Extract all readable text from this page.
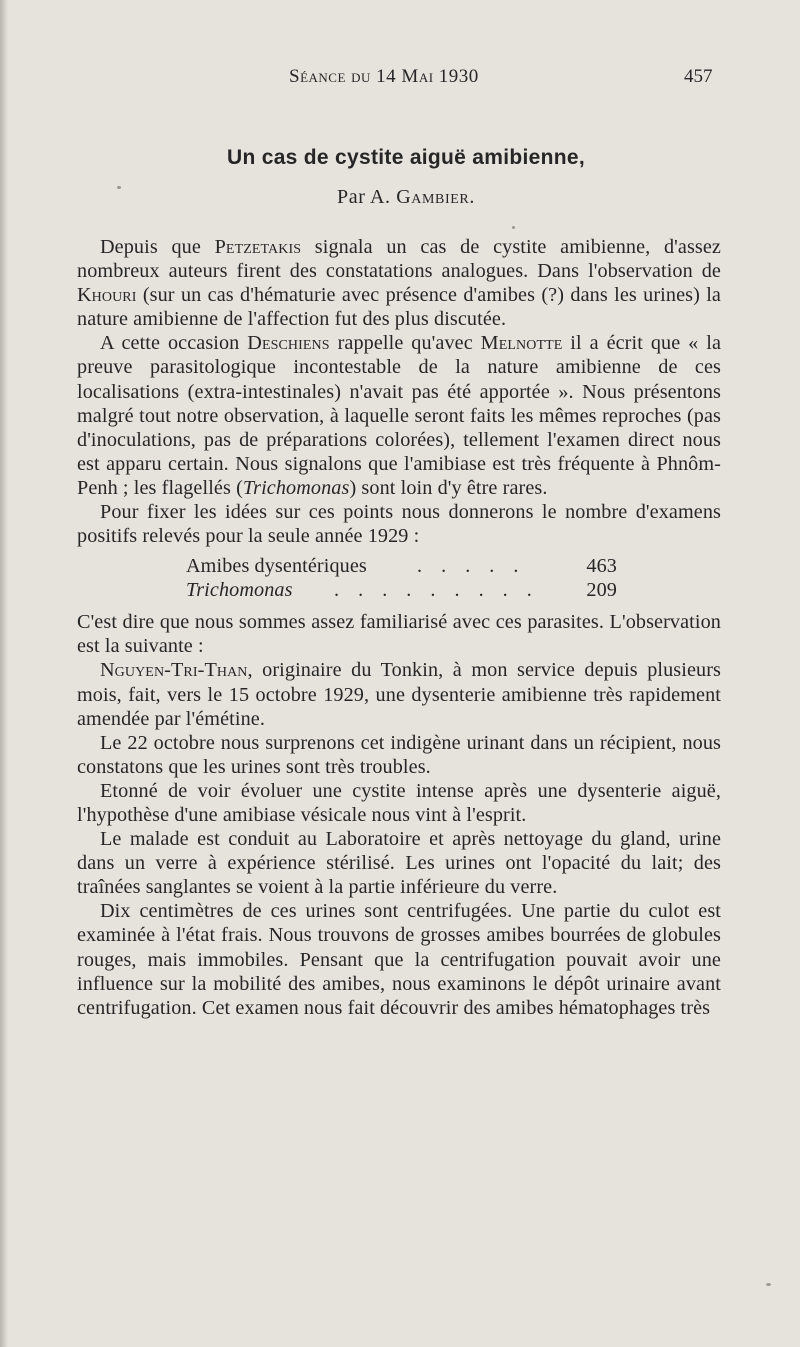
Séance du 14 Mai 1930	457
Un cas de cystite aiguë amibienne,
Par A. Gambier.

Depuis que Petzetakis signala un cas de cystite amibienne, d'assez nombreux auteurs firent des constatations analogues. Dans l'observation de Khouri (sur un cas d'hématurie avec présence d'amibes (?) dans les urines) la nature amibienne de l'affection fut des plus discutée.

A cette occasion Deschiens rappelle qu'avec Melnotte il a écrit que « la preuve parasitologique incontestable de la nature amibienne de ces localisations (extra-intestinales) n'avait pas été apportée ». Nous présentons malgré tout notre observation, à laquelle seront faits les mêmes reproches (pas d'inoculations, pas de préparations colorées), tellement l'examen direct nous est apparu certain. Nous signalons que l'amibiase est très fréquente à Phnôm-Penh ; les flagellés (Trichomonas) sont loin d'y être rares.

Pour fixer les idées sur ces points nous donnerons le nombre d'examens positifs relevés pour la seule année 1929 :

Amibes dysentériques . . . . .	463
Trichomonas . . . . . . . . .	209

C'est dire que nous sommes assez familiarisé avec ces parasites. L'observation est la suivante :

Nguyen-Tri-Than, originaire du Tonkin, à mon service depuis plusieurs mois, fait, vers le 15 octobre 1929, une dysenterie amibienne très rapidement amendée par l'émétine.

Le 22 octobre nous surprenons cet indigène urinant dans un récipient, nous constatons que les urines sont très troubles.

Etonné de voir évoluer une cystite intense après une dysenterie aiguë, l'hypothèse d'une amibiase vésicale nous vint à l'esprit.

Le malade est conduit au Laboratoire et après nettoyage du gland, urine dans un verre à expérience stérilisé. Les urines ont l'opacité du lait; des traînées sanglantes se voient à la partie inférieure du verre.

Dix centimètres de ces urines sont centrifugées. Une partie du culot est examinée à l'état frais. Nous trouvons de grosses amibes bourrées de globules rouges, mais immobiles. Pensant que la centrifugation pouvait avoir une influence sur la mobilité des amibes, nous examinons le dépôt urinaire avant centrifugation. Cet examen nous fait découvrir des amibes hématophages très
